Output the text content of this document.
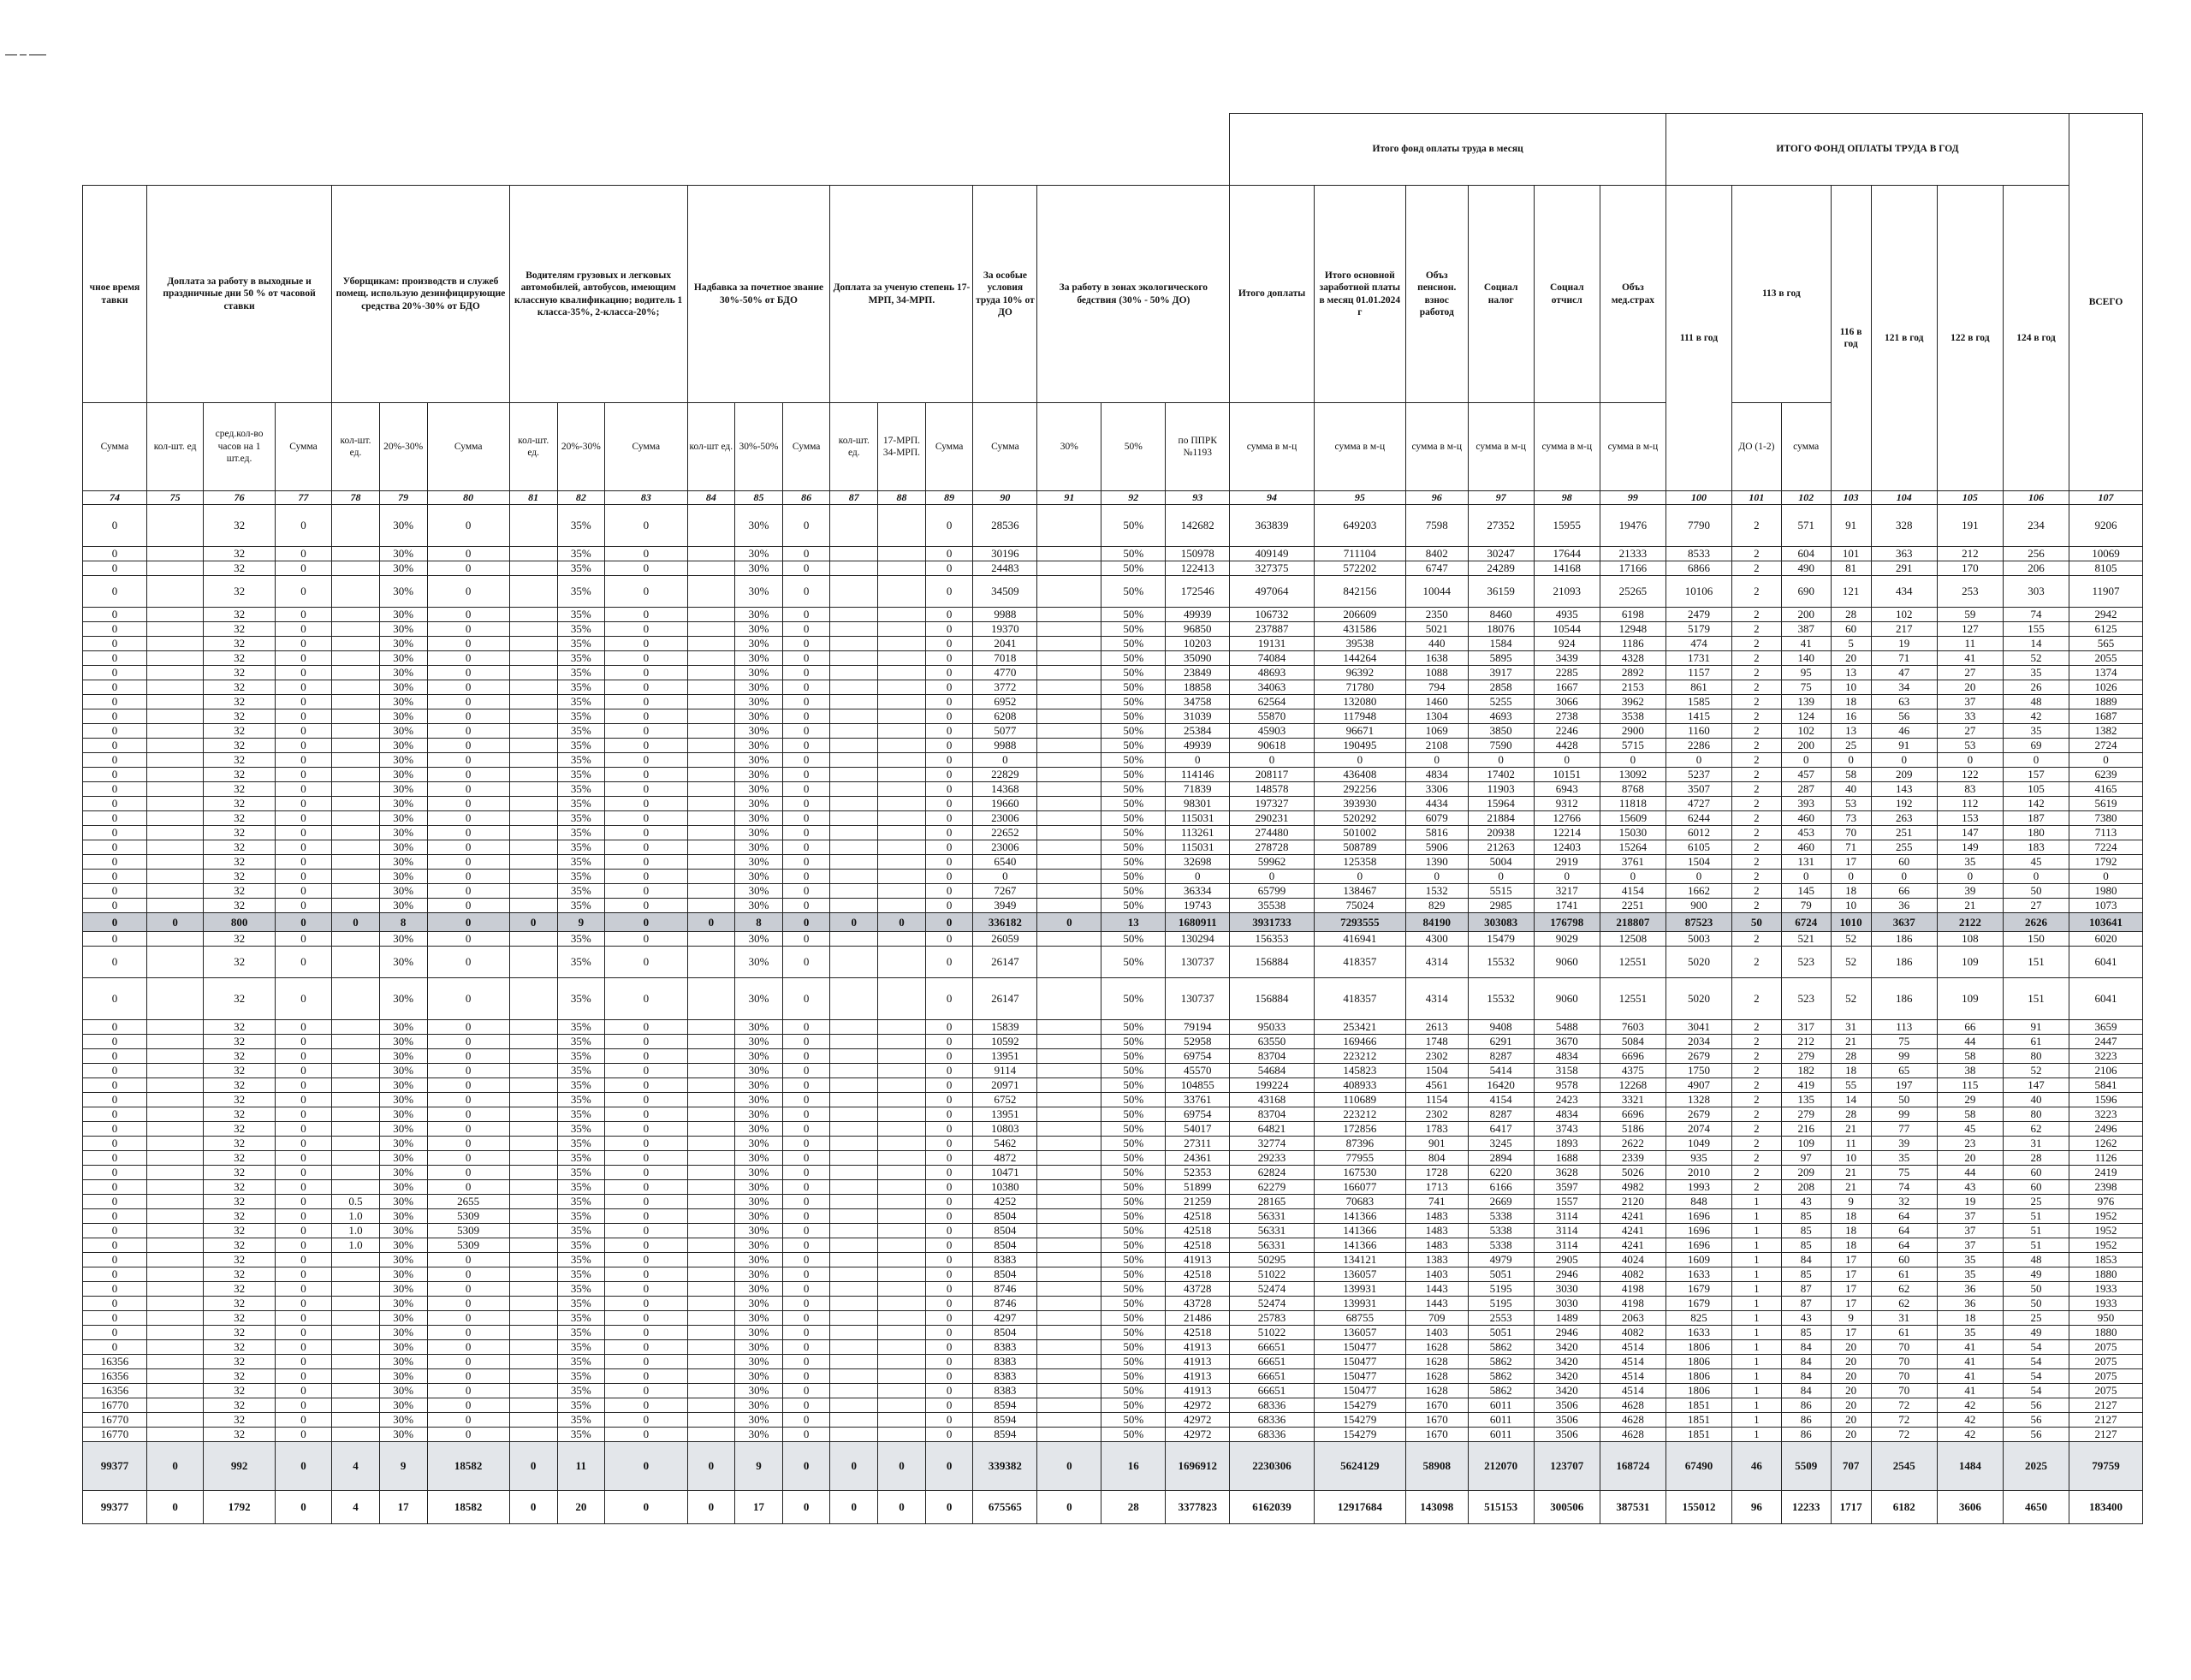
																				Итого фонд оплаты труда в месяц						ИТОГО ФОНД ОПЛАТЫ ТРУДА В ГОД							ВСЕГО
чное время тавки	Доплата за работу в выходные и праздничные дни 50 % от часовой ставки			Уборщикам: производств и служеб помещ. использую дезинфицирующие средства 20%-30% от БДО			Водителям грузовых и легковых автомобилей, автобусов, имеющим классную квалификацию; водитель 1 класса-35%, 2-класса-20%;			Надбавка за почетное звание 30%-50% от БДО			Доплата за ученую степень 17-МРП, 34-МРП.			За особые условия труда 10% от ДО	За работу в зонах экологического бедствия (30% - 50% ДО)			Итого доплаты	Итого основной заработной платы в месяц 01.01.2024 г	Объз пенсион. взнос работод	Социал налог	Социал отчисл	Объз мед.страх	111 в год	113 в год		116 в год	121 в год	122 в год	124 в год	
Сумма	кол-шт. ед	сред.кол-во часов на 1 шт.ед.	Сумма	кол-шт. ед.	20%-30%	Сумма	кол-шт. ед.	20%-30%	Сумма	кол-шт ед.	30%-50%	Сумма	кол-шт. ед.	17-МРП. 34-МРП.	Сумма	Сумма	30%	50%	по ППРК №1193	сумма в м-ц	сумма в м-ц	сумма в м-ц	сумма в м-ц	сумма в м-ц	сумма в м-ц		ДО (1-2)	сумма					
74	75	76	77	78	79	80	81	82	83	84	85	86	87	88	89	90	91	92	93	94	95	96	97	98	99	100	101	102	103	104	105	106	107
0		32	0		30%	0		35%	0		30%	0			0	28536		50%	142682	363839	649203	7598	27352	15955	19476	7790	2	571	91	328	191	234	9206
0		32	0		30%	0		35%	0		30%	0			0	30196		50%	150978	409149	711104	8402	30247	17644	21333	8533	2	604	101	363	212	256	10069
0		32	0		30%	0		35%	0		30%	0			0	24483		50%	122413	327375	572202	6747	24289	14168	17166	6866	2	490	81	291	170	206	8105
0		32	0		30%	0		35%	0		30%	0			0	34509		50%	172546	497064	842156	10044	36159	21093	25265	10106	2	690	121	434	253	303	11907
0		32	0		30%	0		35%	0		30%	0			0	9988		50%	49939	106732	206609	2350	8460	4935	6198	2479	2	200	28	102	59	74	2942
0		32	0		30%	0		35%	0		30%	0			0	19370		50%	96850	237887	431586	5021	18076	10544	12948	5179	2	387	60	217	127	155	6125
0		32	0		30%	0		35%	0		30%	0			0	2041		50%	10203	19131	39538	440	1584	924	1186	474	2	41	5	19	11	14	565
0		32	0		30%	0		35%	0		30%	0			0	7018		50%	35090	74084	144264	1638	5895	3439	4328	1731	2	140	20	71	41	52	2055
0		32	0		30%	0		35%	0		30%	0			0	4770		50%	23849	48693	96392	1088	3917	2285	2892	1157	2	95	13	47	27	35	1374
0		32	0		30%	0		35%	0		30%	0			0	3772		50%	18858	34063	71780	794	2858	1667	2153	861	2	75	10	34	20	26	1026
0		32	0		30%	0		35%	0		30%	0			0	6952		50%	34758	62564	132080	1460	5255	3066	3962	1585	2	139	18	63	37	48	1889
0		32	0		30%	0		35%	0		30%	0			0	6208		50%	31039	55870	117948	1304	4693	2738	3538	1415	2	124	16	56	33	42	1687
0		32	0		30%	0		35%	0		30%	0			0	5077		50%	25384	45903	96671	1069	3850	2246	2900	1160	2	102	13	46	27	35	1382
0		32	0		30%	0		35%	0		30%	0			0	9988		50%	49939	90618	190495	2108	7590	4428	5715	2286	2	200	25	91	53	69	2724
0		32	0		30%	0		35%	0		30%	0			0	0		50%	0	0	0	0	0	0	0	0	2	0	0	0	0	0	0
0		32	0		30%	0		35%	0		30%	0			0	22829		50%	114146	208117	436408	4834	17402	10151	13092	5237	2	457	58	209	122	157	6239
0		32	0		30%	0		35%	0		30%	0			0	14368		50%	71839	148578	292256	3306	11903	6943	8768	3507	2	287	40	143	83	105	4165
0		32	0		30%	0		35%	0		30%	0			0	19660		50%	98301	197327	393930	4434	15964	9312	11818	4727	2	393	53	192	112	142	5619
0		32	0		30%	0		35%	0		30%	0			0	23006		50%	115031	290231	520292	6079	21884	12766	15609	6244	2	460	73	263	153	187	7380
0		32	0		30%	0		35%	0		30%	0			0	22652		50%	113261	274480	501002	5816	20938	12214	15030	6012	2	453	70	251	147	180	7113
0		32	0		30%	0		35%	0		30%	0			0	23006		50%	115031	278728	508789	5906	21263	12403	15264	6105	2	460	71	255	149	183	7224
0		32	0		30%	0		35%	0		30%	0			0	6540		50%	32698	59962	125358	1390	5004	2919	3761	1504	2	131	17	60	35	45	1792
0		32	0		30%	0		35%	0		30%	0			0	0		50%	0	0	0	0	0	0	0	0	2	0	0	0	0	0	0
0		32	0		30%	0		35%	0		30%	0			0	7267		50%	36334	65799	138467	1532	5515	3217	4154	1662	2	145	18	66	39	50	1980
0		32	0		30%	0		35%	0		30%	0			0	3949		50%	19743	35538	75024	829	2985	1741	2251	900	2	79	10	36	21	27	1073
0	0	800	0	0	8	0	0	9	0	0	8	0	0	0	0	336182	0	13	1680911	3931733	7293555	84190	303083	176798	218807	87523	50	6724	1010	3637	2122	2626	103641
0		32	0		30%	0		35%	0		30%	0			0	26059		50%	130294	156353	416941	4300	15479	9029	12508	5003	2	521	52	186	108	150	6020
0		32	0		30%	0		35%	0		30%	0			0	26147		50%	130737	156884	418357	4314	15532	9060	12551	5020	2	523	52	186	109	151	6041
0		32	0		30%	0		35%	0		30%	0			0	26147		50%	130737	156884	418357	4314	15532	9060	12551	5020	2	523	52	186	109	151	6041
0		32	0		30%	0		35%	0		30%	0			0	15839		50%	79194	95033	253421	2613	9408	5488	7603	3041	2	317	31	113	66	91	3659
0		32	0		30%	0		35%	0		30%	0			0	10592		50%	52958	63550	169466	1748	6291	3670	5084	2034	2	212	21	75	44	61	2447
0		32	0		30%	0		35%	0		30%	0			0	13951		50%	69754	83704	223212	2302	8287	4834	6696	2679	2	279	28	99	58	80	3223
0		32	0		30%	0		35%	0		30%	0			0	9114		50%	45570	54684	145823	1504	5414	3158	4375	1750	2	182	18	65	38	52	2106
0		32	0		30%	0		35%	0		30%	0			0	20971		50%	104855	199224	408933	4561	16420	9578	12268	4907	2	419	55	197	115	147	5841
0		32	0		30%	0		35%	0		30%	0			0	6752		50%	33761	43168	110689	1154	4154	2423	3321	1328	2	135	14	50	29	40	1596
0		32	0		30%	0		35%	0		30%	0			0	13951		50%	69754	83704	223212	2302	8287	4834	6696	2679	2	279	28	99	58	80	3223
0		32	0		30%	0		35%	0		30%	0			0	10803		50%	54017	64821	172856	1783	6417	3743	5186	2074	2	216	21	77	45	62	2496
0		32	0		30%	0		35%	0		30%	0			0	5462		50%	27311	32774	87396	901	3245	1893	2622	1049	2	109	11	39	23	31	1262
0		32	0		30%	0		35%	0		30%	0			0	4872		50%	24361	29233	77955	804	2894	1688	2339	935	2	97	10	35	20	28	1126
0		32	0		30%	0		35%	0		30%	0			0	10471		50%	52353	62824	167530	1728	6220	3628	5026	2010	2	209	21	75	44	60	2419
0		32	0		30%	0		35%	0		30%	0			0	10380		50%	51899	62279	166077	1713	6166	3597	4982	1993	2	208	21	74	43	60	2398
0		32	0	0.5	30%	2655		35%	0		30%	0			0	4252		50%	21259	28165	70683	741	2669	1557	2120	848	1	43	9	32	19	25	976
0		32	0	1.0	30%	5309		35%	0		30%	0			0	8504		50%	42518	56331	141366	1483	5338	3114	4241	1696	1	85	18	64	37	51	1952
0		32	0	1.0	30%	5309		35%	0		30%	0			0	8504		50%	42518	56331	141366	1483	5338	3114	4241	1696	1	85	18	64	37	51	1952
0		32	0	1.0	30%	5309		35%	0		30%	0			0	8504		50%	42518	56331	141366	1483	5338	3114	4241	1696	1	85	18	64	37	51	1952
0		32	0		30%	0		35%	0		30%	0			0	8383		50%	41913	50295	134121	1383	4979	2905	4024	1609	1	84	17	60	35	48	1853
0		32	0		30%	0		35%	0		30%	0			0	8504		50%	42518	51022	136057	1403	5051	2946	4082	1633	1	85	17	61	35	49	1880
0		32	0		30%	0		35%	0		30%	0			0	8746		50%	43728	52474	139931	1443	5195	3030	4198	1679	1	87	17	62	36	50	1933
0		32	0		30%	0		35%	0		30%	0			0	8746		50%	43728	52474	139931	1443	5195	3030	4198	1679	1	87	17	62	36	50	1933
0		32	0		30%	0		35%	0		30%	0			0	4297		50%	21486	25783	68755	709	2553	1489	2063	825	1	43	9	31	18	25	950
0		32	0		30%	0		35%	0		30%	0			0	8504		50%	42518	51022	136057	1403	5051	2946	4082	1633	1	85	17	61	35	49	1880
0		32	0		30%	0		35%	0		30%	0			0	8383		50%	41913	66651	150477	1628	5862	3420	4514	1806	1	84	20	70	41	54	2075
16356		32	0		30%	0		35%	0		30%	0			0	8383		50%	41913	66651	150477	1628	5862	3420	4514	1806	1	84	20	70	41	54	2075
16356		32	0		30%	0		35%	0		30%	0			0	8383		50%	41913	66651	150477	1628	5862	3420	4514	1806	1	84	20	70	41	54	2075
16356		32	0		30%	0		35%	0		30%	0			0	8383		50%	41913	66651	150477	1628	5862	3420	4514	1806	1	84	20	70	41	54	2075
16770		32	0		30%	0		35%	0		30%	0			0	8594		50%	42972	68336	154279	1670	6011	3506	4628	1851	1	86	20	72	42	56	2127
16770		32	0		30%	0		35%	0		30%	0			0	8594		50%	42972	68336	154279	1670	6011	3506	4628	1851	1	86	20	72	42	56	2127
16770		32	0		30%	0		35%	0		30%	0			0	8594		50%	42972	68336	154279	1670	6011	3506	4628	1851	1	86	20	72	42	56	2127
99377	0	992	0	4	9	18582	0	11	0	0	9	0	0	0	0	339382	0	16	1696912	2230306	5624129	58908	212070	123707	168724	67490	46	5509	707	2545	1484	2025	79759
99377	0	1792	0	4	17	18582	0	20	0	0	17	0	0	0	0	675565	0	28	3377823	6162039	12917684	143098	515153	300506	387531	155012	96	12233	1717	6182	3606	4650	183400
